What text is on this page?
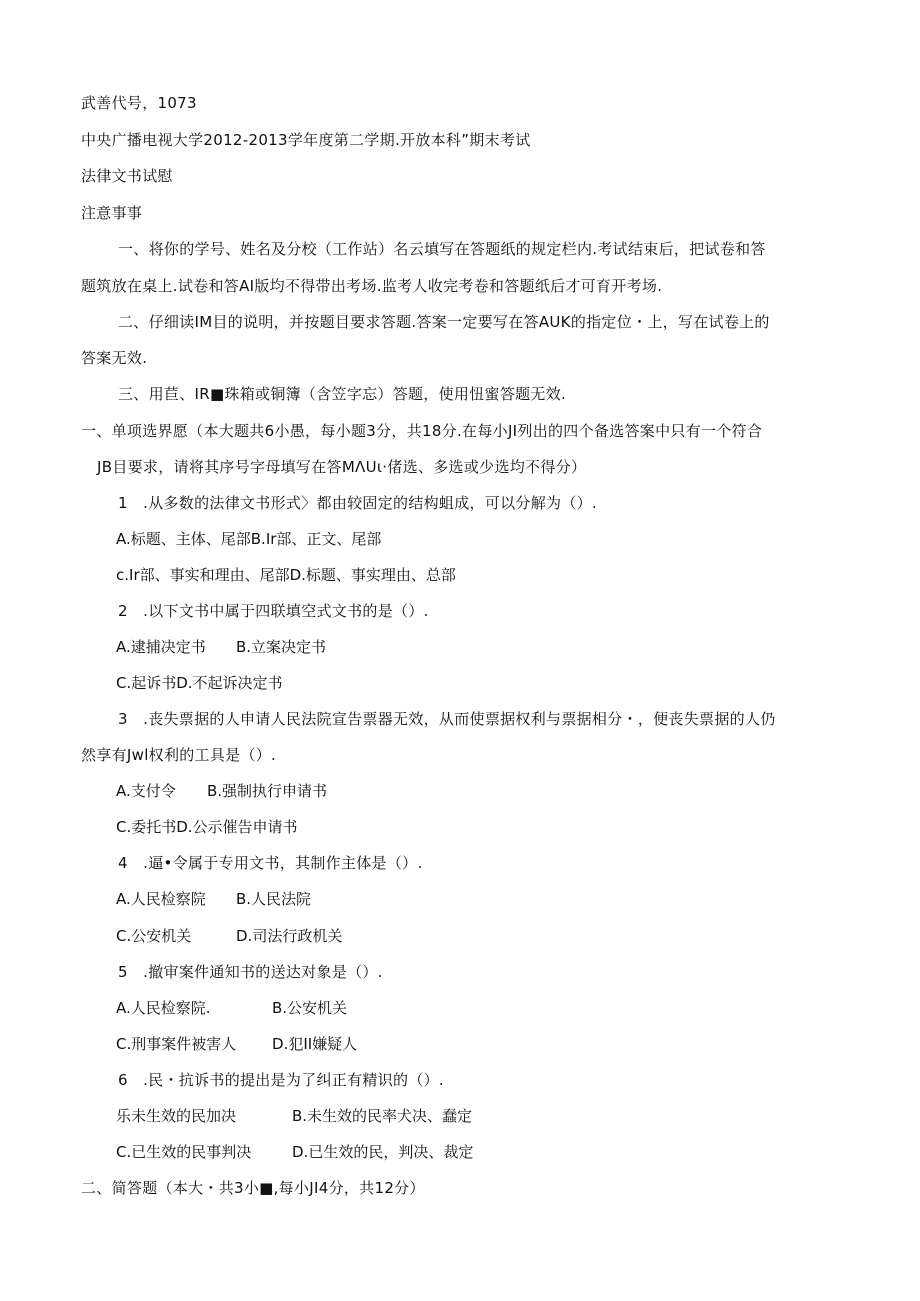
武善代号，1073
中央广播电视大学2012-2013学年度第二学期.开放本科”期末考试
法律文书试慰
注意事事
一、将你的学号、姓名及分校（工作站）名云填写在答题纸的规定栏内.考试结束后，把试卷和答
题筑放在桌上.试卷和答AI版均不得带出考场.监考人收完考卷和答题纸后才可育开考场.
二、仔细读IM目的说明，并按题目要求答题.答案一定要写在答AUK的指定位・上，写在试卷上的
答案无效.
三、用苣、IR■珠箱或铜簿（含笠字忘）答题，使用忸蜜答题无效.
一、单项选界愿（本大题共6小愚，每小题3分，共18分.在每小JI列出的四个备选答案中只有一个符合
JB目要求，请将其序号字母填写在答MΛUι·偖选、多选或少选均不得分）
1　.从多数的法律文书形式〉都由较固定的结构蛆成，可以分解为（）.
A.标题、主体、尾部B.Ir部、正文、尾部
c.Ir部、事实和理由、尾部D.标题、事实理由、总部
2　.以下文书中属于四联填空式文书的是（）.
A.逮捕决定书 B.立案决定书
C.起诉书D.不起诉决定书
3　.丧失票据的人申请人民法院宣告票器无效，从而使票据权利与票据相分・，便丧失票据的人仍
然享有Jwl权利的工具是（）.
A.支付令 B.强制执行申请书
C.委托书D.公示催告申请书
4　.逼•令属于专用文书，其制作主体是（）.
A.人民检察院 B.人民法院
C.公安机关	D.司法行政机关
5　.撤审案件通知书的送达对象是（）.
A.人民检察院.	B.公安机关
C.刑事案件被害人 D.犯II嫌疑人
6　.民・抗诉书的提出是为了纠正有精识的（）.
乐未生效的民加决	B.未生效的民率犬决、蠢定
C.已生效的民事判决	D.已生效的民，判决、裁定
二、简答题（本大・共3小■,每小JI4分，共12分）
